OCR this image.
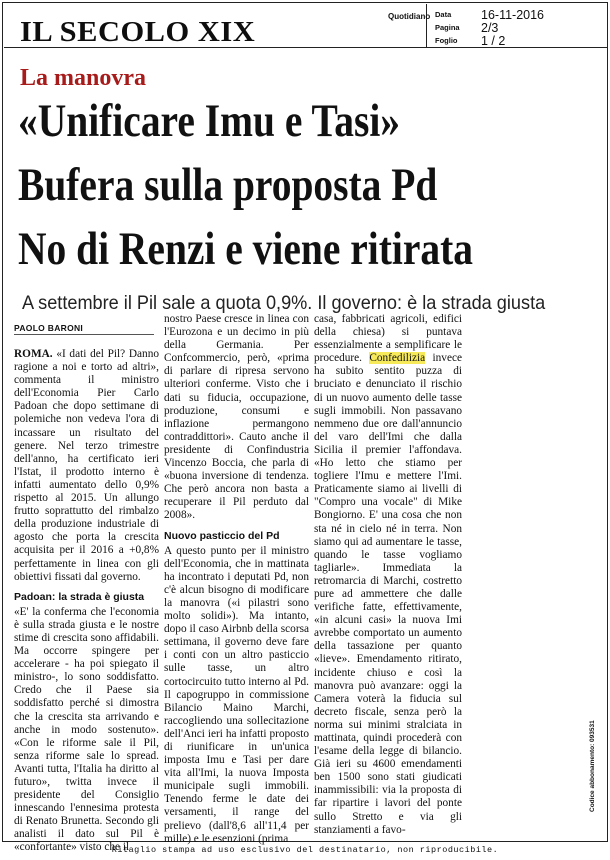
IL SECOLO XIX	Quotidiano Data 16-11-2016
Pagina 2/3
Foglio 1 / 2
La manovra
«Unificare Imu e Tasi»
Bufera sulla proposta Pd
No di Renzi e viene ritirata
A settembre il Pil sale a quota 0,9%. Il governo: è la strada giusta
PAOLO BARONI

ROMA. «I dati del Pil? Danno ragione a noi e torto ad altri», commenta il ministro dell'Economia Pier Carlo Padoan che dopo settimane di polemiche non vedeva l'ora di incassare un risultato del genere. Nel terzo trimestre dell'anno, ha certificato ieri l'Istat, il prodotto interno è infatti aumentato dello 0,9% rispetto al 2015. Un allungo frutto soprattutto del rimbalzo della produzione industriale di agosto che porta la crescita acquisita per il 2016 a +0,8% perfettamente in linea con gli obiettivi fissati dal governo.

Padoan: la strada è giusta

«E' la conferma che l'economia è sulla strada giusta e le nostre stime di crescita sono affidabili. Ma occorre spingere per accelerare - ha poi spiegato il ministro-, lo sono soddisfatto. Credo che il Paese sia soddisfatto perché si dimostra che la crescita sta arrivando e anche in modo sostenuto». «Con le riforme sale il Pil, senza riforme sale lo spread. Avanti tutta, l'Italia ha diritto al futuro», twitta invece il presidente del Consiglio innescando l'ennesima protesta di Renato Brunetta. Secondo gli analisti il dato sul Pil è «confortante» visto che il

nostro Paese cresce in linea con l'Eurozona e un decimo in più della Germania. Per Confcommercio, però, «prima di parlare di ripresa servono ulteriori conferme. Visto che i dati su fiducia, occupazione, produzione, consumi e inflazione permangono contraddittori». Cauto anche il presidente di Confindustria Vincenzo Boccia, che parla di «buona inversione di tendenza. Che però ancora non basta a recuperare il Pil perduto dal 2008».

Nuovo pasticcio del Pd

A questo punto per il ministro dell'Economia, che in mattinata ha incontrato i deputati Pd, non c'è alcun bisogno di modificare la manovra («i pilastri sono molto solidi»). Ma intanto, dopo il caso Airbnb della scorsa settimana, il governo deve fare i conti con un altro pasticcio sulle tasse, un altro cortocircuito tutto interno al Pd. Il capogruppo in commissione Bilancio Maino Marchi, raccogliendo una sollecitazione dell'Anci ieri ha infatti proposto di riunificare in un'unica imposta Imu e Tasi per dare vita all'Imi, la nuova Imposta municipale sugli immobili. Tenendo ferme le date dei versamenti, il range del prelievo (dall'8,6 all'11,4 per mille) e le esenzioni (prima

casa, fabbricati agricoli, edifici della chiesa) si puntava essenzialmente a semplificare le procedure. Confedilizia invece ha subito sentito puzza di bruciato e denunciato il rischio di un nuovo aumento delle tasse sugli immobili. Non passavano nemmeno due ore dall'annuncio del varo dell'Imi che dalla Sicilia il premier l'affondava. «Ho letto che stiamo per togliere l'Imu e mettere l'Imi. Praticamente siamo ai livelli di "Compro una vocale" di Mike Bongiorno. E' una cosa che non sta né in cielo né in terra. Non siamo qui ad aumentare le tasse, quando le tasse vogliamo tagliarle». Immediata la retromarcia di Marchi, costretto pure ad ammettere che dalle verifiche fatte, effettivamente, «in alcuni casi» la nuova Imi avrebbe comportato un aumento della tassazione per quanto «lieve». Emendamento ritirato, incidente chiuso e così la manovra può avanzare: oggi la Camera voterà la fiducia sul decreto fiscale, senza però la norma sui minimi stralciata in mattinata, quindi procederà con l'esame della legge di bilancio. Già ieri su 4600 emendamenti ben 1500 sono stati giudicati inammissibili: via la proposta di far ripartire i lavori del ponte sullo Stretto e via gli stanziamenti a favo-

Codice abbonamento: 093531
Ritaglio stampa ad uso esclusivo del destinatario, non riproducibile.
